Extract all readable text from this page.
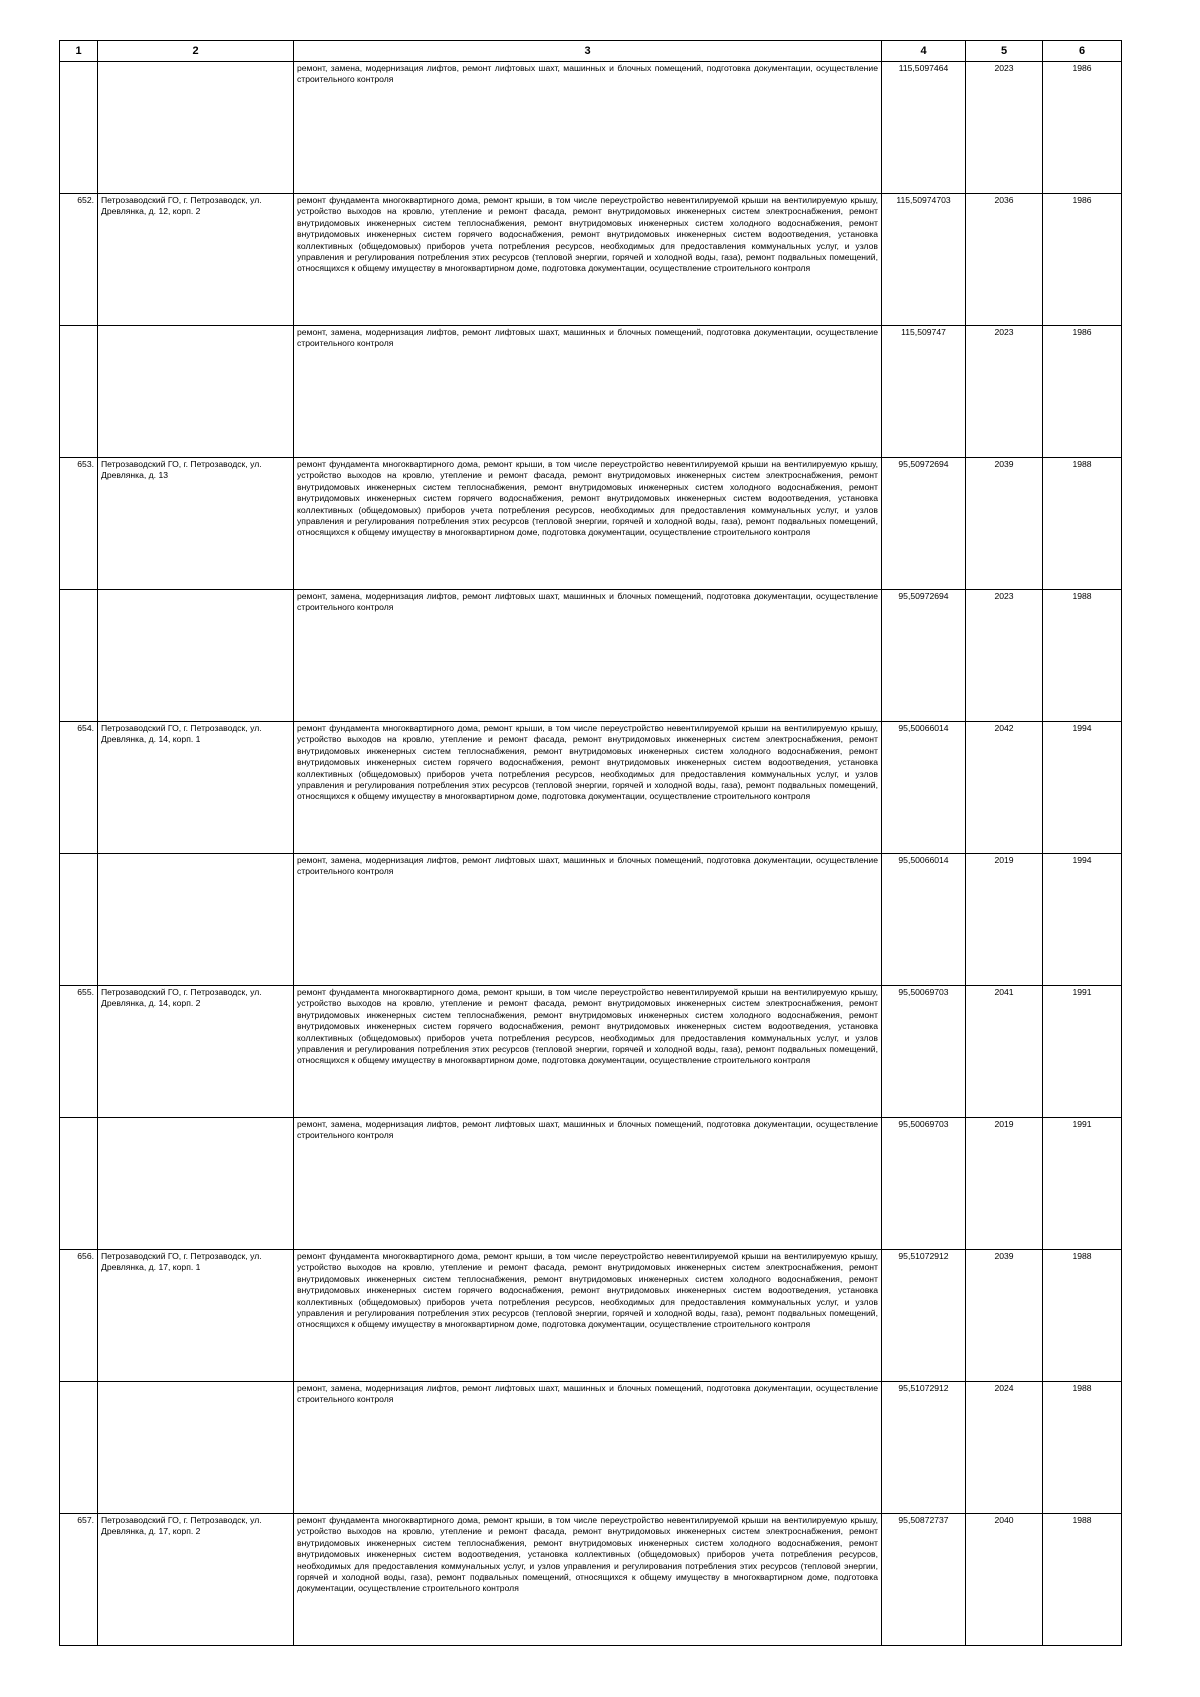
1	2	3	4	5	6
		ремонт, замена, модернизация лифтов, ремонт лифтовых шахт, машинных и блочных помещений, подготовка документации, осуществление строительного контроля	115,5097464	2023	1986
652.	Петрозаводский ГО, г. Петрозаводск, ул. Древлянка, д. 12, корп. 2	ремонт фундамента многоквартирного дома, ремонт крыши, в том числе переустройство невентилируемой крыши на вентилируемую крышу, устройство выходов на кровлю, утепление и ремонт фасада, ремонт внутридомовых инженерных систем электроснабжения, ремонт внутридомовых инженерных систем теплоснабжения, ремонт внутридомовых инженерных систем холодного водоснабжения, ремонт внутридомовых инженерных систем горячего водоснабжения, ремонт внутридомовых инженерных систем водоотведения, установка коллективных (общедомовых) приборов учета потребления ресурсов, необходимых для предоставления коммунальных услуг, и узлов управления и регулирования потребления этих ресурсов (тепловой энергии, горячей и холодной воды, газа), ремонт подвальных помещений, относящихся к общему имуществу в многоквартирном доме, подготовка документации, осуществление строительного контроля	115,50974703	2036	1986
		ремонт, замена, модернизация лифтов, ремонт лифтовых шахт, машинных и блочных помещений, подготовка документации, осуществление строительного контроля	115,509747	2023	1986
653.	Петрозаводский ГО, г. Петрозаводск, ул. Древлянка, д. 13	ремонт фундамента многоквартирного дома, ремонт крыши, в том числе переустройство невентилируемой крыши на вентилируемую крышу, устройство выходов на кровлю, утепление и ремонт фасада, ремонт внутридомовых инженерных систем электроснабжения, ремонт внутридомовых инженерных систем теплоснабжения, ремонт внутридомовых инженерных систем холодного водоснабжения, ремонт внутридомовых инженерных систем горячего водоснабжения, ремонт внутридомовых инженерных систем водоотведения, установка коллективных (общедомовых) приборов учета потребления ресурсов, необходимых для предоставления коммунальных услуг, и узлов управления и регулирования потребления этих ресурсов (тепловой энергии, горячей и холодной воды, газа), ремонт подвальных помещений, относящихся к общему имуществу в многоквартирном доме, подготовка документации, осуществление строительного контроля	95,50972694	2039	1988
		ремонт, замена, модернизация лифтов, ремонт лифтовых шахт, машинных и блочных помещений, подготовка документации, осуществление строительного контроля	95,50972694	2023	1988
654.	Петрозаводский ГО, г. Петрозаводск, ул. Древлянка, д. 14, корп. 1	ремонт фундамента многоквартирного дома, ремонт крыши, в том числе переустройство невентилируемой крыши на вентилируемую крышу, устройство выходов на кровлю, утепление и ремонт фасада, ремонт внутридомовых инженерных систем электроснабжения, ремонт внутридомовых инженерных систем теплоснабжения, ремонт внутридомовых инженерных систем холодного водоснабжения, ремонт внутридомовых инженерных систем горячего водоснабжения, ремонт внутридомовых инженерных систем водоотведения, установка коллективных (общедомовых) приборов учета потребления ресурсов, необходимых для предоставления коммунальных услуг, и узлов управления и регулирования потребления этих ресурсов (тепловой энергии, горячей и холодной воды, газа), ремонт подвальных помещений, относящихся к общему имуществу в многоквартирном доме, подготовка документации, осуществление строительного контроля	95,50066014	2042	1994
		ремонт, замена, модернизация лифтов, ремонт лифтовых шахт, машинных и блочных помещений, подготовка документации, осуществление строительного контроля	95,50066014	2019	1994
655.	Петрозаводский ГО, г. Петрозаводск, ул. Древлянка, д. 14, корп. 2	ремонт фундамента многоквартирного дома, ремонт крыши, в том числе переустройство невентилируемой крыши на вентилируемую крышу, устройство выходов на кровлю, утепление и ремонт фасада, ремонт внутридомовых инженерных систем электроснабжения, ремонт внутридомовых инженерных систем теплоснабжения, ремонт внутридомовых инженерных систем холодного водоснабжения, ремонт внутридомовых инженерных систем горячего водоснабжения, ремонт внутридомовых инженерных систем водоотведения, установка коллективных (общедомовых) приборов учета потребления ресурсов, необходимых для предоставления коммунальных услуг, и узлов управления и регулирования потребления этих ресурсов (тепловой энергии, горячей и холодной воды, газа), ремонт подвальных помещений, относящихся к общему имуществу в многоквартирном доме, подготовка документации, осуществление строительного контроля	95,50069703	2041	1991
		ремонт, замена, модернизация лифтов, ремонт лифтовых шахт, машинных и блочных помещений, подготовка документации, осуществление строительного контроля	95,50069703	2019	1991
656.	Петрозаводский ГО, г. Петрозаводск, ул. Древлянка, д. 17, корп. 1	ремонт фундамента многоквартирного дома, ремонт крыши, в том числе переустройство невентилируемой крыши на вентилируемую крышу, устройство выходов на кровлю, утепление и ремонт фасада, ремонт внутридомовых инженерных систем электроснабжения, ремонт внутридомовых инженерных систем теплоснабжения, ремонт внутридомовых инженерных систем холодного водоснабжения, ремонт внутридомовых инженерных систем горячего водоснабжения, ремонт внутридомовых инженерных систем водоотведения, установка коллективных (общедомовых) приборов учета потребления ресурсов, необходимых для предоставления коммунальных услуг, и узлов управления и регулирования потребления этих ресурсов (тепловой энергии, горячей и холодной воды, газа), ремонт подвальных помещений, относящихся к общему имуществу в многоквартирном доме, подготовка документации, осуществление строительного контроля	95,51072912	2039	1988
		ремонт, замена, модернизация лифтов, ремонт лифтовых шахт, машинных и блочных помещений, подготовка документации, осуществление строительного контроля	95,51072912	2024	1988
657.	Петрозаводский ГО, г. Петрозаводск, ул. Древлянка, д. 17, корп. 2	ремонт фундамента многоквартирного дома, ремонт крыши, в том числе переустройство невентилируемой крыши на вентилируемую крышу, устройство выходов на кровлю, утепление и ремонт фасада, ремонт внутридомовых инженерных систем электроснабжения, ремонт внутридомовых инженерных систем теплоснабжения, ремонт внутридомовых инженерных систем холодного водоснабжения, ремонт внутридомовых инженерных систем водоотведения, установка коллективных (общедомовых) приборов учета потребления ресурсов, необходимых для предоставления коммунальных услуг, и узлов управления и регулирования потребления этих ресурсов (тепловой энергии, горячей и холодной воды, газа), ремонт подвальных помещений, относящихся к общему имуществу в многоквартирном доме, подготовка документации, осуществление строительного контроля	95,50872737	2040	1988
